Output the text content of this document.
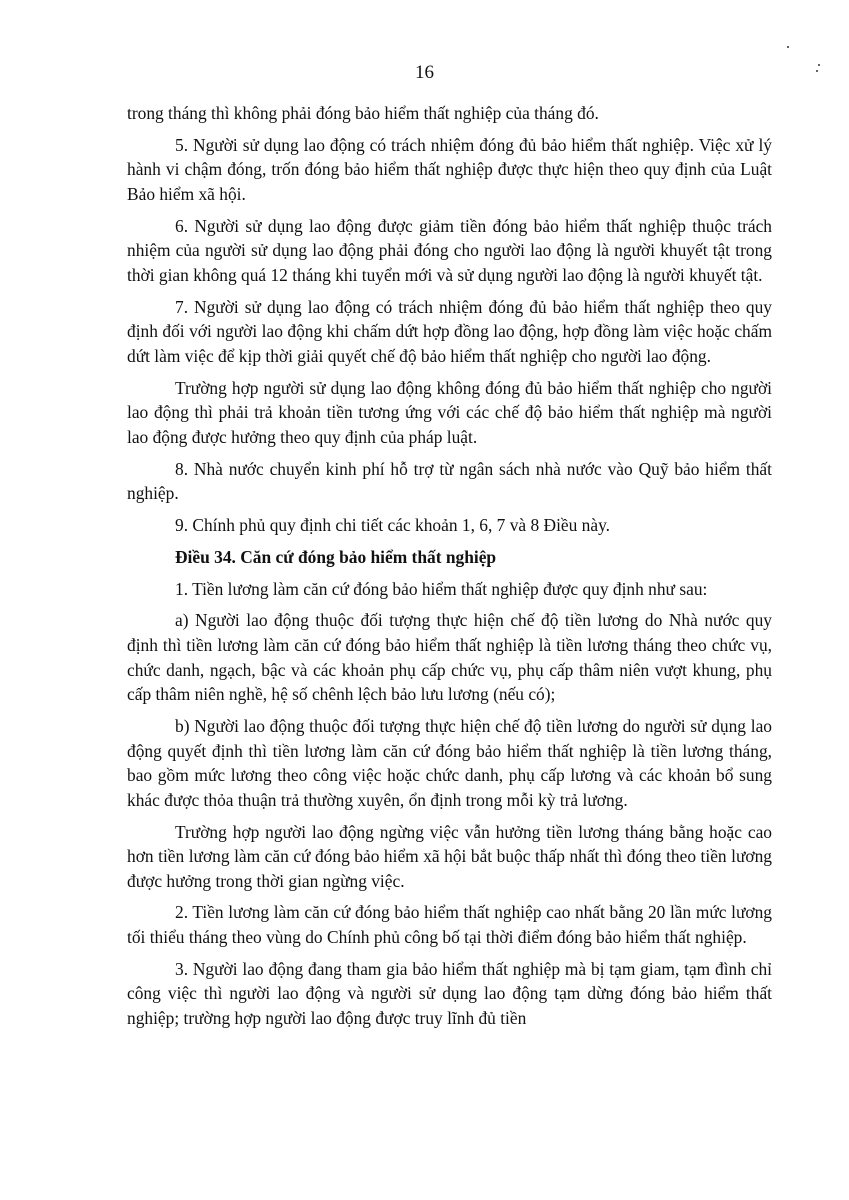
16

trong tháng thì không phải đóng bảo hiểm thất nghiệp của tháng đó.

5. Người sử dụng lao động có trách nhiệm đóng đủ bảo hiểm thất nghiệp. Việc xử lý hành vi chậm đóng, trốn đóng bảo hiểm thất nghiệp được thực hiện theo quy định của Luật Bảo hiểm xã hội.

6. Người sử dụng lao động được giảm tiền đóng bảo hiểm thất nghiệp thuộc trách nhiệm của người sử dụng lao động phải đóng cho người lao động là người khuyết tật trong thời gian không quá 12 tháng khi tuyển mới và sử dụng người lao động là người khuyết tật.

7. Người sử dụng lao động có trách nhiệm đóng đủ bảo hiểm thất nghiệp theo quy định đối với người lao động khi chấm dứt hợp đồng lao động, hợp đồng làm việc hoặc chấm dứt làm việc để kịp thời giải quyết chế độ bảo hiểm thất nghiệp cho người lao động.

Trường hợp người sử dụng lao động không đóng đủ bảo hiểm thất nghiệp cho người lao động thì phải trả khoản tiền tương ứng với các chế độ bảo hiểm thất nghiệp mà người lao động được hưởng theo quy định của pháp luật.

8. Nhà nước chuyển kinh phí hỗ trợ từ ngân sách nhà nước vào Quỹ bảo hiểm thất nghiệp.

9. Chính phủ quy định chi tiết các khoản 1, 6, 7 và 8 Điều này.

Điều 34. Căn cứ đóng bảo hiểm thất nghiệp

1. Tiền lương làm căn cứ đóng bảo hiểm thất nghiệp được quy định như sau:

a) Người lao động thuộc đối tượng thực hiện chế độ tiền lương do Nhà nước quy định thì tiền lương làm căn cứ đóng bảo hiểm thất nghiệp là tiền lương tháng theo chức vụ, chức danh, ngạch, bậc và các khoản phụ cấp chức vụ, phụ cấp thâm niên vượt khung, phụ cấp thâm niên nghề, hệ số chênh lệch bảo lưu lương (nếu có);

b) Người lao động thuộc đối tượng thực hiện chế độ tiền lương do người sử dụng lao động quyết định thì tiền lương làm căn cứ đóng bảo hiểm thất nghiệp là tiền lương tháng, bao gồm mức lương theo công việc hoặc chức danh, phụ cấp lương và các khoản bổ sung khác được thỏa thuận trả thường xuyên, ổn định trong mỗi kỳ trả lương.

Trường hợp người lao động ngừng việc vẫn hưởng tiền lương tháng bằng hoặc cao hơn tiền lương làm căn cứ đóng bảo hiểm xã hội bắt buộc thấp nhất thì đóng theo tiền lương được hưởng trong thời gian ngừng việc.

2. Tiền lương làm căn cứ đóng bảo hiểm thất nghiệp cao nhất bằng 20 lần mức lương tối thiểu tháng theo vùng do Chính phủ công bố tại thời điểm đóng bảo hiểm thất nghiệp.

3. Người lao động đang tham gia bảo hiểm thất nghiệp mà bị tạm giam, tạm đình chỉ công việc thì người lao động và người sử dụng lao động tạm dừng đóng bảo hiểm thất nghiệp; trường hợp người lao động được truy lĩnh đủ tiền
